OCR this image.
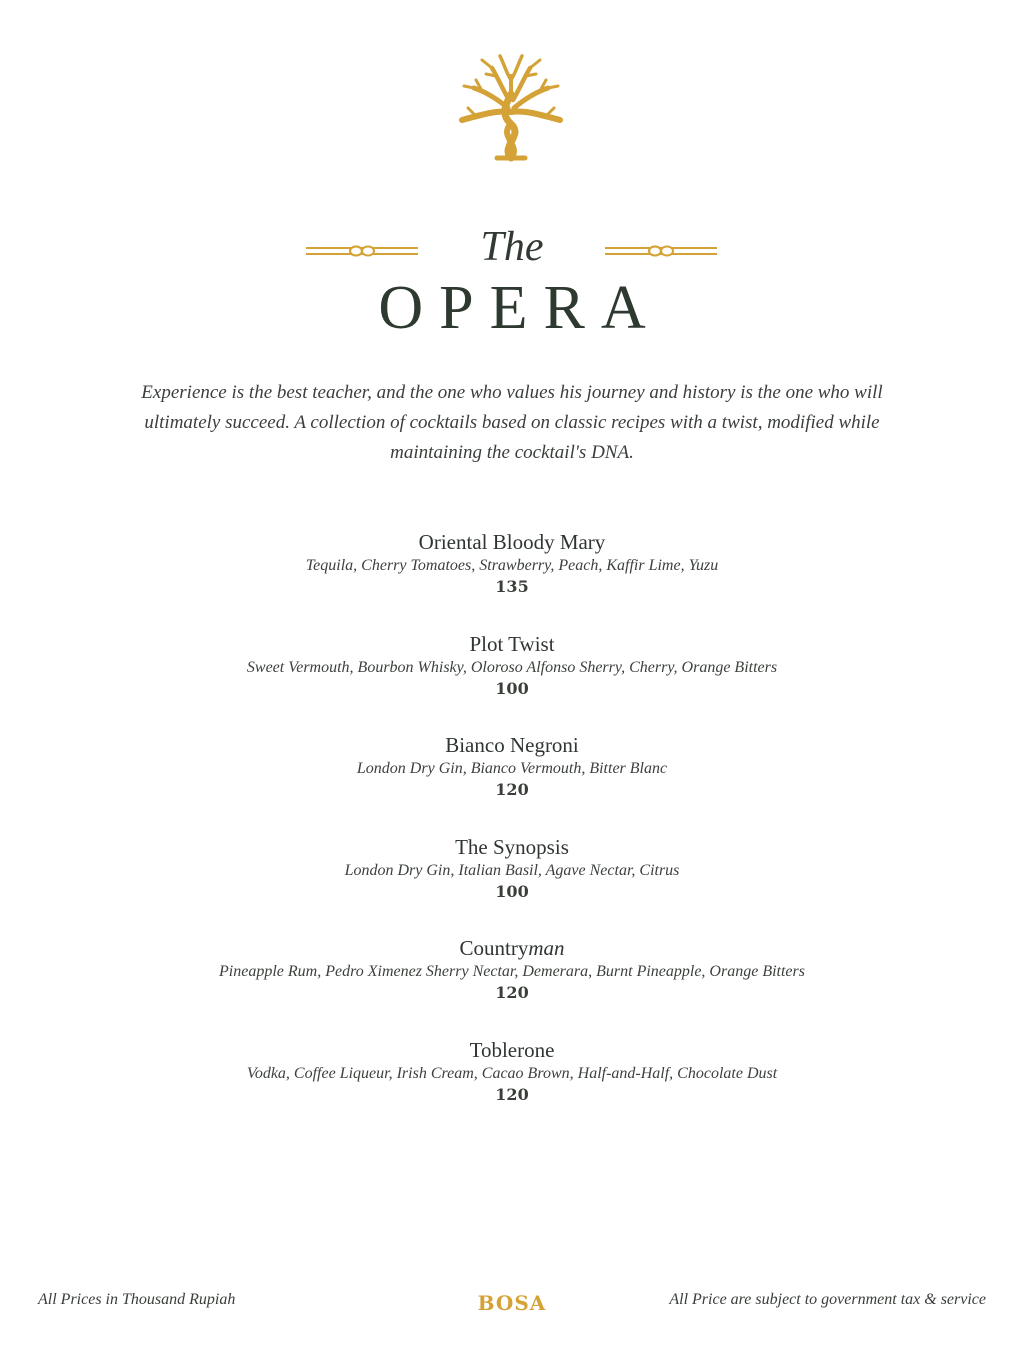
The
OPERA
Experience is the best teacher, and the one who values his journey and history is the one who will ultimately succeed. A collection of cocktails based on classic recipes with a twist, modified while maintaining the cocktail's DNA.
Oriental Bloody Mary
Tequila, Cherry Tomatoes, Strawberry, Peach, Kaffir Lime, Yuzu
135
Plot Twist
Sweet Vermouth, Bourbon Whisky, Oloroso Alfonso Sherry, Cherry, Orange Bitters
100
Bianco Negroni
London Dry Gin, Bianco Vermouth, Bitter Blanc
120
The Synopsis
London Dry Gin, Italian Basil, Agave Nectar, Citrus
100
Countryman
Pineapple Rum, Pedro Ximenez Sherry Nectar, Demerara, Burnt Pineapple, Orange Bitters
120
Toblerone
Vodka, Coffee Liqueur, Irish Cream, Cacao Brown, Half-and-Half, Chocolate Dust
120
All Prices in Thousand Rupiah	BOSA	All Price are subject to government tax & service
